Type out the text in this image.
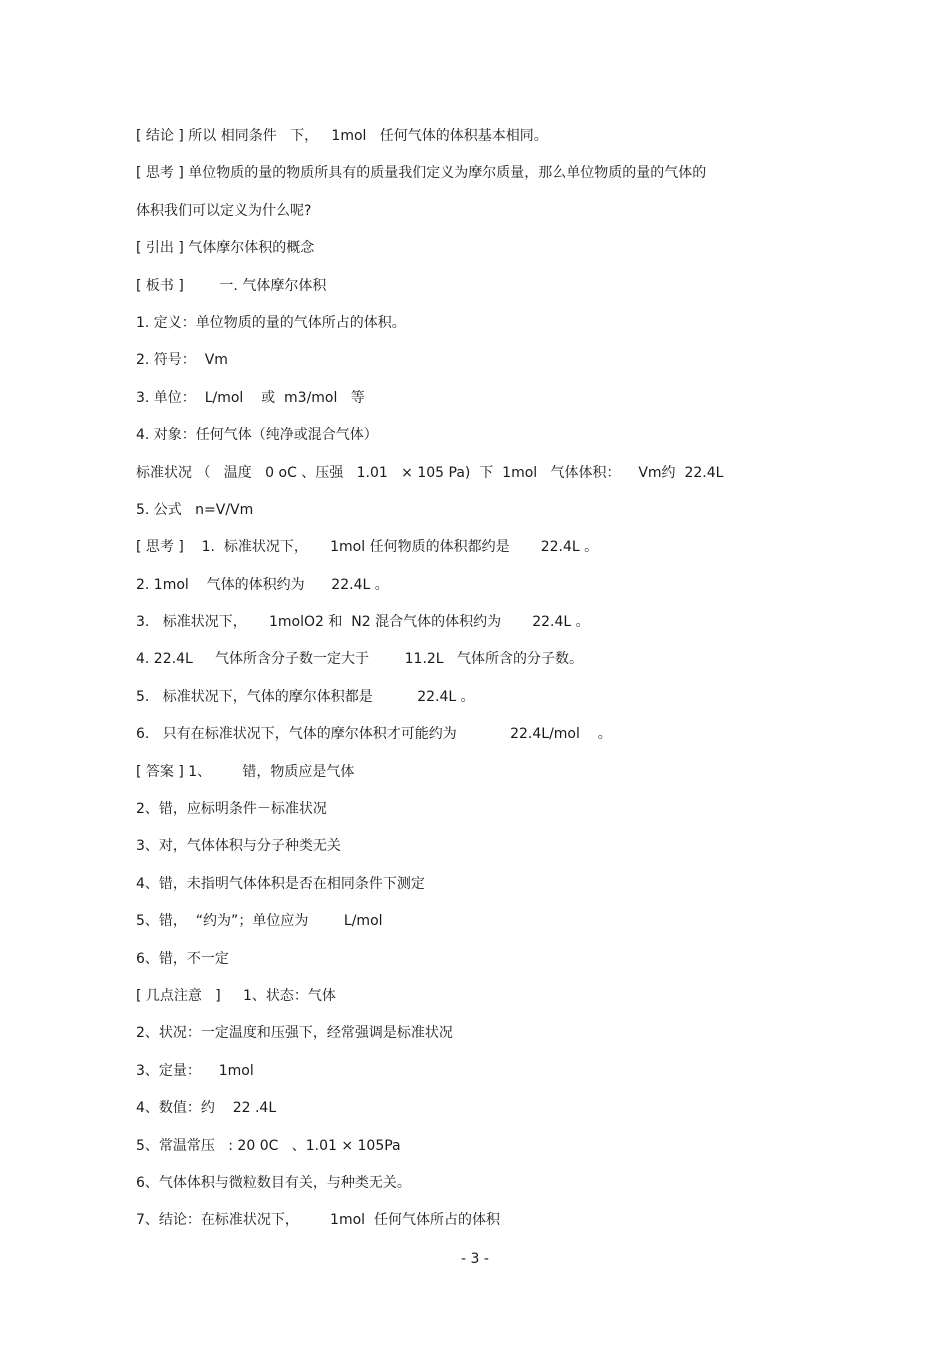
[ 结论 ] 所以 相同条件   下，   1mol   任何气体的体积基本相同。
[ 思考 ] 单位物质的量的物质所具有的质量我们定义为摩尔质量，那么单位物质的量的气体的
体积我们可以定义为什么呢?
[ 引出 ] 气体摩尔体积的概念
[ 板书 ]        一. 气体摩尔体积
1. 定义：单位物质的量的气体所占的体积。
2. 符号：  Vm
3. 单位：  L/mol    或  m3/mol   等
4. 对象：任何气体（纯净或混合气体）
标准状况 （   温度   0 oC 、压强   1.01   × 105 Pa)  下  1mol   气体体积：    Vm约  22.4L
5. 公式   n=V/Vm
[ 思考 ]    1.  标准状况下，     1mol 任何物质的体积都约是       22.4L 。
2. 1mol    气体的体积约为      22.4L 。
3.   标准状况下，     1molO2 和  N2 混合气体的体积约为       22.4L 。
4. 22.4L     气体所含分子数一定大于        11.2L   气体所含的分子数。
5.   标准状况下，气体的摩尔体积都是          22.4L 。
6.   只有在标准状况下，气体的摩尔体积才可能约为            22.4L/mol    。
[ 答案 ] 1、       错，物质应是气体
2、错，应标明条件－标准状况
3、对，气体体积与分子种类无关
4、错，未指明气体体积是否在相同条件下测定
5、错，  “约为”；单位应为        L/mol
6、错，不一定
[ 几点注意   ]     1、状态：气体
2、状况：一定温度和压强下，经常强调是标准状况
3、定量：    1mol
4、数值：约    22 .4L
5、常温常压   : 20 0C   、1.01 × 105Pa
6、气体体积与微粒数目有关，与种类无关。
7、结论：在标准状况下，       1mol  任何气体所占的体积
- 3 -
